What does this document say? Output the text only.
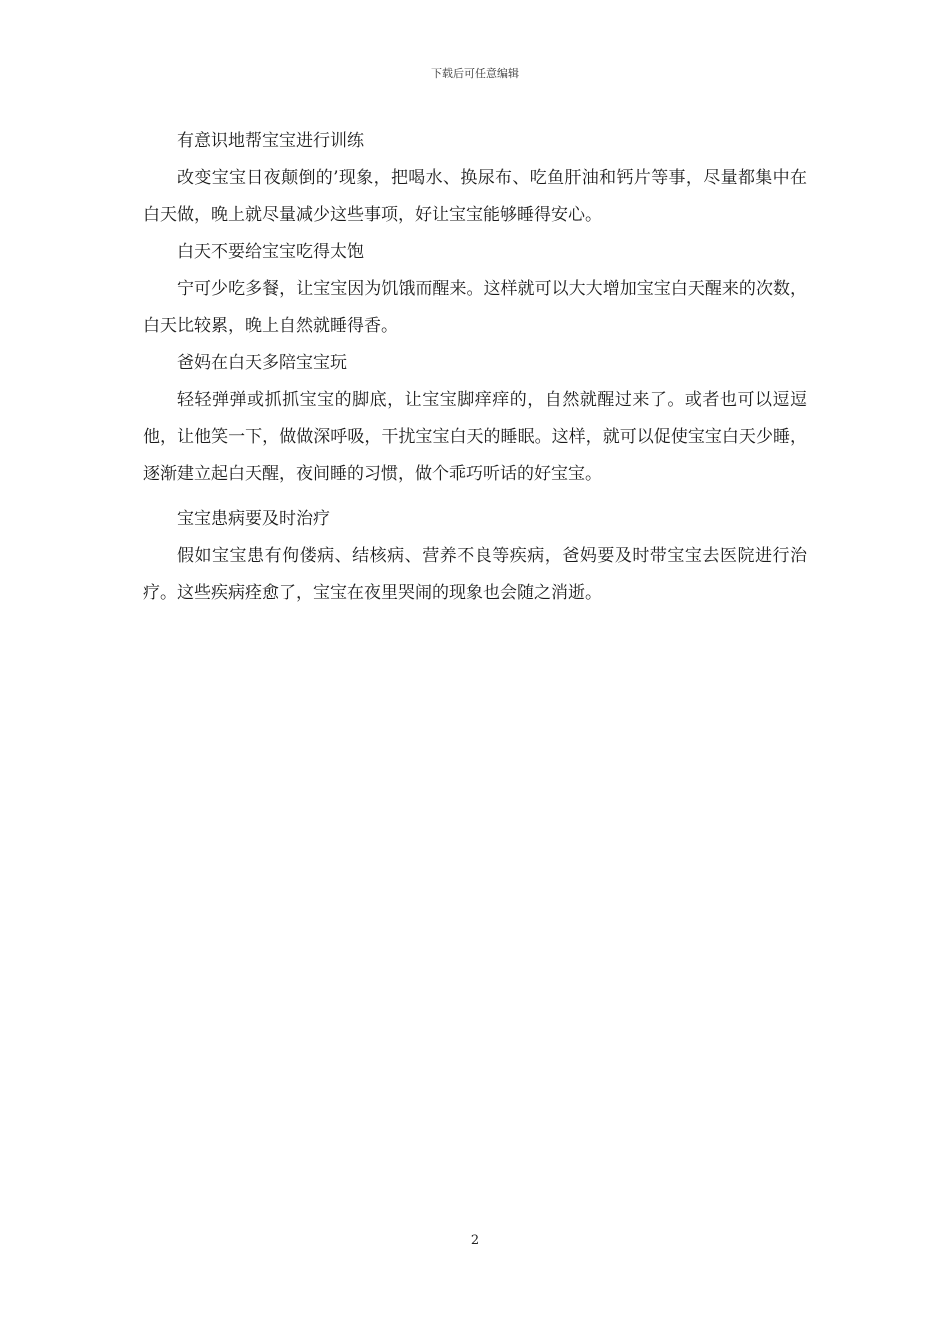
下载后可任意编辑

有意识地帮宝宝进行训练

改变宝宝日夜颠倒的’现象，把喝水、换尿布、吃鱼肝油和钙片等事，尽量都集中在白天做，晚上就尽量减少这些事项，好让宝宝能够睡得安心。

白天不要给宝宝吃得太饱

宁可少吃多餐，让宝宝因为饥饿而醒来。这样就可以大大增加宝宝白天醒来的次数，白天比较累，晚上自然就睡得香。

爸妈在白天多陪宝宝玩

轻轻弹弹或抓抓宝宝的脚底，让宝宝脚痒痒的，自然就醒过来了。或者也可以逗逗他，让他笑一下，做做深呼吸，干扰宝宝白天的睡眠。这样，就可以促使宝宝白天少睡，逐渐建立起白天醒，夜间睡的习惯，做个乖巧听话的好宝宝。

宝宝患病要及时治疗

假如宝宝患有佝偻病、结核病、营养不良等疾病，爸妈要及时带宝宝去医院进行治疗。这些疾病痊愈了，宝宝在夜里哭闹的现象也会随之消逝。

2
